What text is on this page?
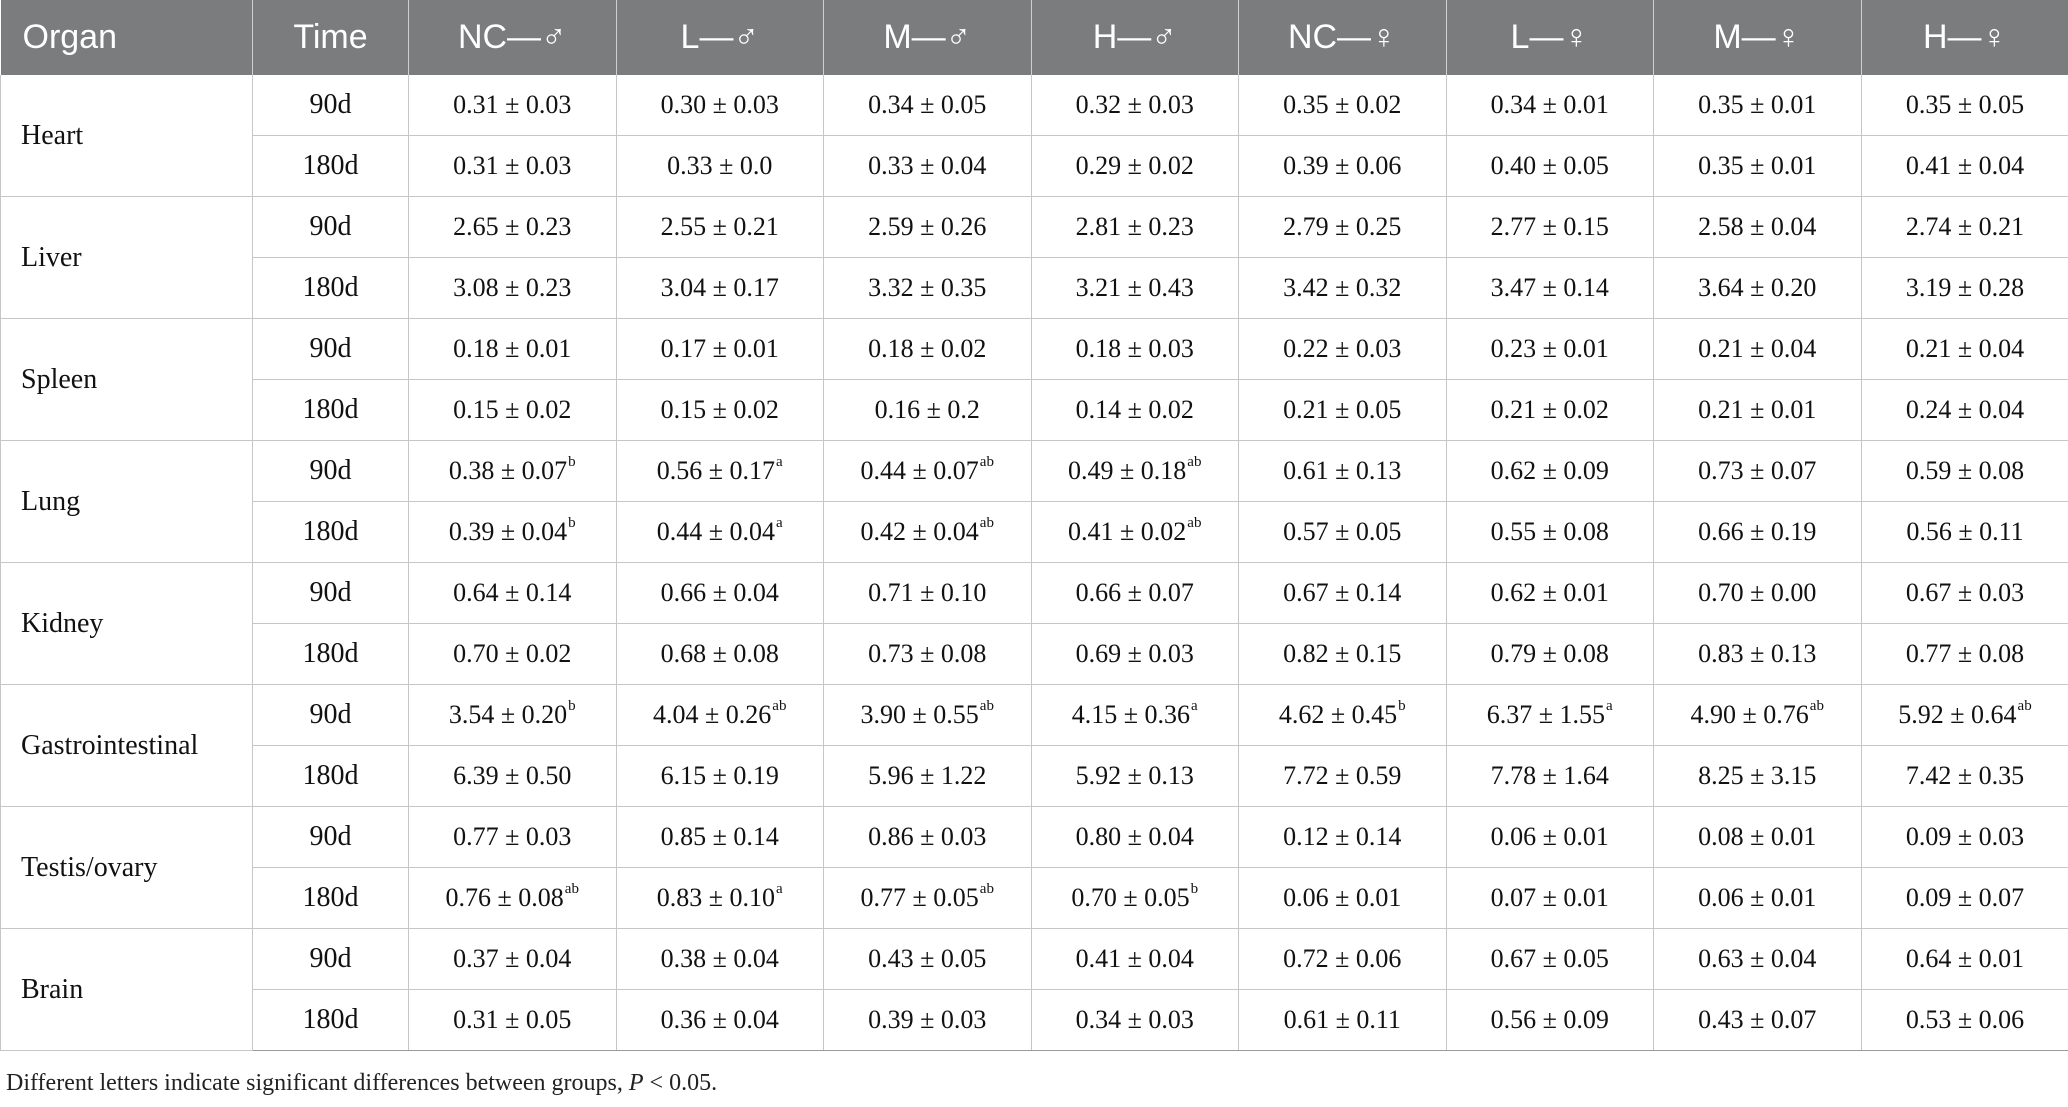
Organ	Time	NC—♂	L—♂	M—♂	H—♂	NC—♀	L—♀	M—♀	H—♀
Heart	90d	0.31 ± 0.03	0.30 ± 0.03	0.34 ± 0.05	0.32 ± 0.03	0.35 ± 0.02	0.34 ± 0.01	0.35 ± 0.01	0.35 ± 0.05
	180d	0.31 ± 0.03	0.33 ± 0.0	0.33 ± 0.04	0.29 ± 0.02	0.39 ± 0.06	0.40 ± 0.05	0.35 ± 0.01	0.41 ± 0.04
Liver	90d	2.65 ± 0.23	2.55 ± 0.21	2.59 ± 0.26	2.81 ± 0.23	2.79 ± 0.25	2.77 ± 0.15	2.58 ± 0.04	2.74 ± 0.21
	180d	3.08 ± 0.23	3.04 ± 0.17	3.32 ± 0.35	3.21 ± 0.43	3.42 ± 0.32	3.47 ± 0.14	3.64 ± 0.20	3.19 ± 0.28
Spleen	90d	0.18 ± 0.01	0.17 ± 0.01	0.18 ± 0.02	0.18 ± 0.03	0.22 ± 0.03	0.23 ± 0.01	0.21 ± 0.04	0.21 ± 0.04
	180d	0.15 ± 0.02	0.15 ± 0.02	0.16 ± 0.2	0.14 ± 0.02	0.21 ± 0.05	0.21 ± 0.02	0.21 ± 0.01	0.24 ± 0.04
Lung	90d	0.38 ± 0.07$^b$	0.56 ± 0.17$^a$	0.44 ± 0.07$^{ab}$	0.49 ± 0.18$^{ab}$	0.61 ± 0.13	0.62 ± 0.09	0.73 ± 0.07	0.59 ± 0.08
	180d	0.39 ± 0.04$^b$	0.44 ± 0.04$^a$	0.42 ± 0.04$^{ab}$	0.41 ± 0.02$^{ab}$	0.57 ± 0.05	0.55 ± 0.08	0.66 ± 0.19	0.56 ± 0.11
Kidney	90d	0.64 ± 0.14	0.66 ± 0.04	0.71 ± 0.10	0.66 ± 0.07	0.67 ± 0.14	0.62 ± 0.01	0.70 ± 0.00	0.67 ± 0.03
	180d	0.70 ± 0.02	0.68 ± 0.08	0.73 ± 0.08	0.69 ± 0.03	0.82 ± 0.15	0.79 ± 0.08	0.83 ± 0.13	0.77 ± 0.08
Gastrointestinal	90d	3.54 ± 0.20$^b$	4.04 ± 0.26$^{ab}$	3.90 ± 0.55$^{ab}$	4.15 ± 0.36$^a$	4.62 ± 0.45$^b$	6.37 ± 1.55$^a$	4.90 ± 0.76$^{ab}$	5.92 ± 0.64$^{ab}$
	180d	6.39 ± 0.50	6.15 ± 0.19	5.96 ± 1.22	5.92 ± 0.13	7.72 ± 0.59	7.78 ± 1.64	8.25 ± 3.15	7.42 ± 0.35
Testis/ovary	90d	0.77 ± 0.03	0.85 ± 0.14	0.86 ± 0.03	0.80 ± 0.04	0.12 ± 0.14	0.06 ± 0.01	0.08 ± 0.01	0.09 ± 0.03
	180d	0.76 ± 0.08$^{ab}$	0.83 ± 0.10$^a$	0.77 ± 0.05$^{ab}$	0.70 ± 0.05$^b$	0.06 ± 0.01	0.07 ± 0.01	0.06 ± 0.01	0.09 ± 0.07
Brain	90d	0.37 ± 0.04	0.38 ± 0.04	0.43 ± 0.05	0.41 ± 0.04	0.72 ± 0.06	0.67 ± 0.05	0.63 ± 0.04	0.64 ± 0.01
	180d	0.31 ± 0.05	0.36 ± 0.04	0.39 ± 0.03	0.34 ± 0.03	0.61 ± 0.11	0.56 ± 0.09	0.43 ± 0.07	0.53 ± 0.06
Different letters indicate significant differences between groups, P < 0.05.
